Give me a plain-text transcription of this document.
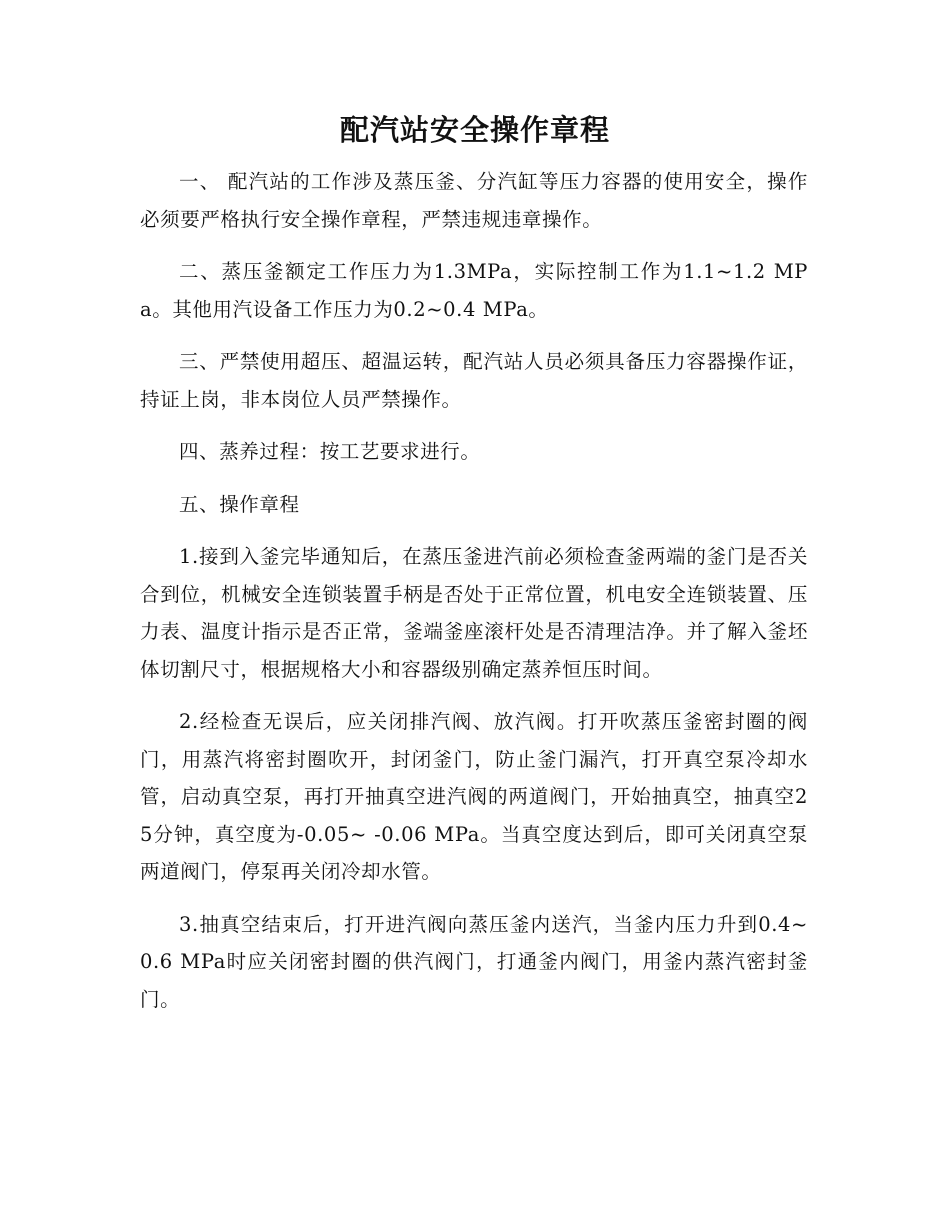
配汽站安全操作章程

一、 配汽站的工作涉及蒸压釜、分汽缸等压力容器的使用安全，操作必须要严格执行安全操作章程，严禁违规违章操作。

二、蒸压釜额定工作压力为1.3MPa，实际控制工作为1.1~1.2 MPa。其他用汽设备工作压力为0.2~0.4 MPa。

三、严禁使用超压、超温运转，配汽站人员必须具备压力容器操作证，持证上岗，非本岗位人员严禁操作。

四、蒸养过程：按工艺要求进行。

五、操作章程

1.接到入釜完毕通知后，在蒸压釜进汽前必须检查釜两端的釜门是否关合到位，机械安全连锁装置手柄是否处于正常位置，机电安全连锁装置、压力表、温度计指示是否正常，釜端釜座滚杆处是否清理洁净。并了解入釜坯体切割尺寸，根据规格大小和容器级别确定蒸养恒压时间。

2.经检查无误后，应关闭排汽阀、放汽阀。打开吹蒸压釜密封圈的阀门，用蒸汽将密封圈吹开，封闭釜门，防止釜门漏汽，打开真空泵冷却水管，启动真空泵，再打开抽真空进汽阀的两道阀门，开始抽真空，抽真空25分钟，真空度为-0.05~ -0.06 MPa。当真空度达到后，即可关闭真空泵两道阀门，停泵再关闭冷却水管。

3.抽真空结束后，打开进汽阀向蒸压釜内送汽，当釜内压力升到0.4~0.6 MPa时应关闭密封圈的供汽阀门，打通釜内阀门，用釜内蒸汽密封釜门。
